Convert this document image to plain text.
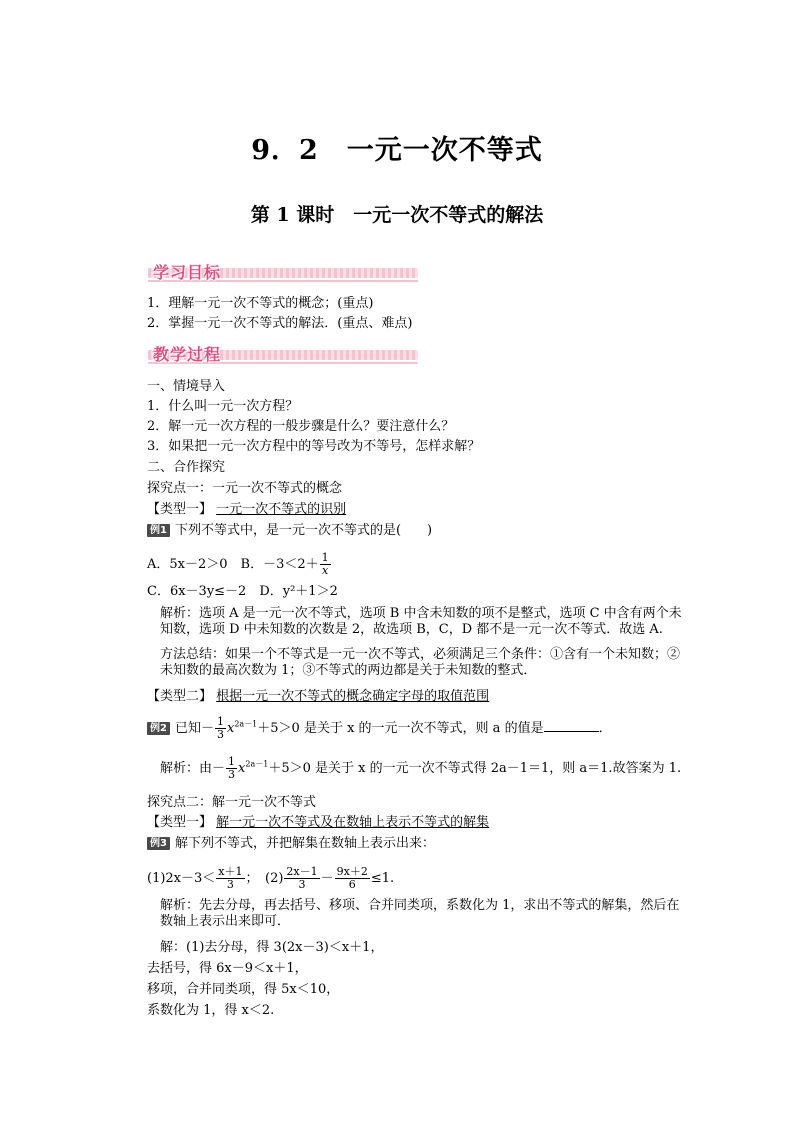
9．2　一元一次不等式
第 1 课时　一元一次不等式的解法
学习目标
1．理解一元一次不等式的概念；(重点)
2．掌握一元一次不等式的解法．(重点、难点)
教学过程
一、情境导入
1．什么叫一元一次方程？
2．解一元一次方程的一般步骤是什么？要注意什么？
3．如果把一元一次方程中的等号改为不等号，怎样求解？
二、合作探究
探究点一：一元一次不等式的概念
【类型一】 一元一次不等式的识别
例1 下列不等式中，是一元一次不等式的是(　　)
A．5x－2＞0　B．$-3<2+ \frac{1}{x}$
C．6x－3y≤－2　D．y²＋1＞2
解析：选项 A 是一元一次不等式，选项 B 中含未知数的项不是整式，选项 C 中含有两个未知数，选项 D 中未知数的次数是 2，故选项 B，C，D 都不是一元一次不等式．故选 A.
方法总结：如果一个不等式是一元一次不等式，必须满足三个条件：①含有一个未知数；②未知数的最高次数为 1；③不等式的两边都是关于未知数的整式．
【类型二】 根据一元一次不等式的概念确定字母的取值范围
例2 已知－ $\frac{1}{3} x^{2a-1}+5>0$ 是关于 x 的一元一次不等式，则 a 的值是	．
解析：由－ $\frac{1}{3} x^{2a-1}+5>0$ 是关于 x 的一元一次不等式得 2a－1＝1，则 a＝1.故答案为 1.
探究点二：解一元一次不等式
【类型一】 解一元一次不等式及在数轴上表示不等式的解集
例3 解下列不等式，并把解集在数轴上表示出来：
$(1)2x-3< \frac{x+1}{3}$ ；　$(2) \frac{2x-1}{3} - \frac{9x+2}{6} \le 1$.
解析：先去分母，再去括号、移项、合并同类项，系数化为 1，求出不等式的解集，然后在数轴上表示出来即可．
解：(1)去分母，得 3(2x－3)＜x＋1，
去括号，得 6x－9＜x＋1，
移项，合并同类项，得 5x＜10，
系数化为 1，得 x＜2.
